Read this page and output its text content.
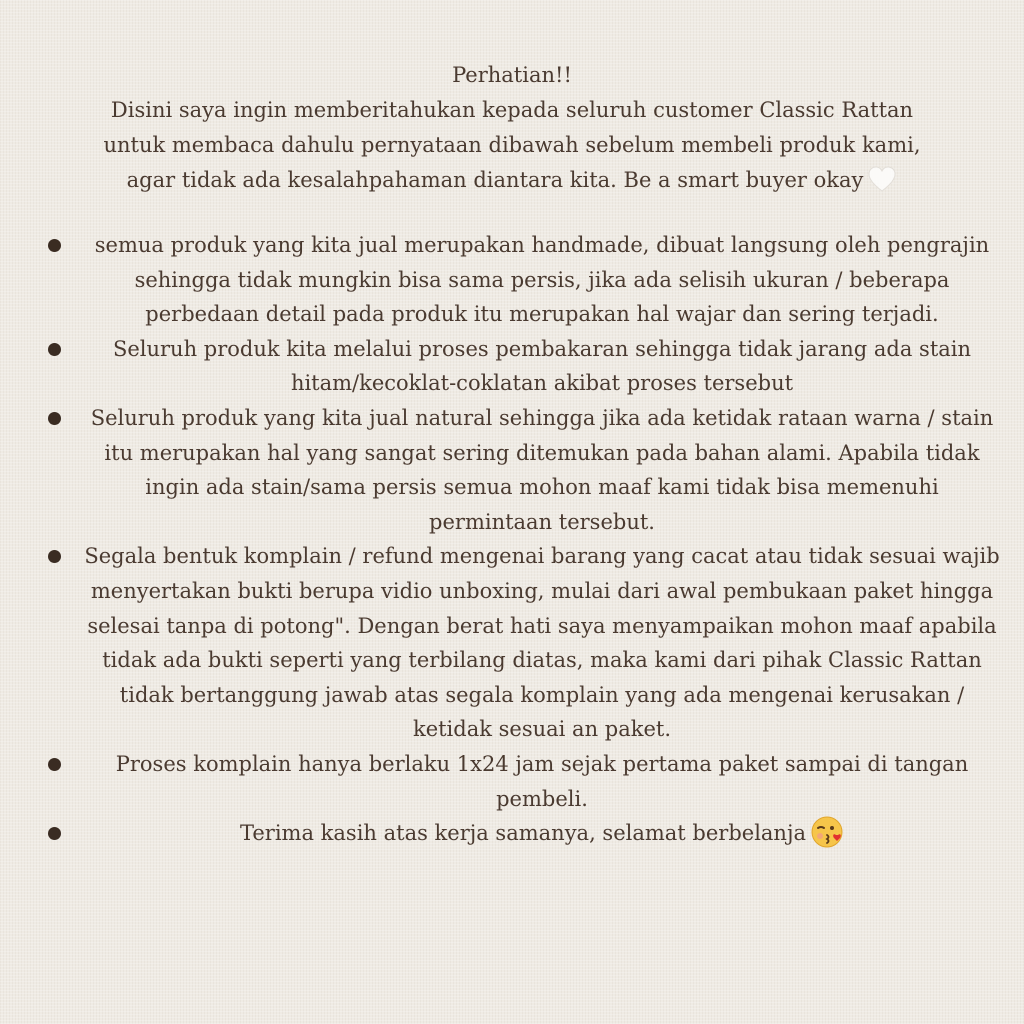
Perhatian!!

Disini saya ingin memberitahukan kepada seluruh customer Classic Rattan

untuk membaca dahulu pernyataan dibawah sebelum membeli produk kami,

agar tidak ada kesalahpahaman diantara kita. Be a smart buyer okay

semua produk yang kita jual merupakan handmade, dibuat langsung oleh pengrajin sehingga tidak mungkin bisa sama persis, jika ada selisih ukuran / beberapa perbedaan detail pada produk itu merupakan hal wajar dan sering terjadi.
Seluruh produk kita melalui proses pembakaran sehingga tidak jarang ada stain hitam/kecoklat-coklatan akibat proses tersebut
Seluruh produk yang kita jual natural sehingga jika ada ketidak rataan warna / stain itu merupakan hal yang sangat sering ditemukan pada bahan alami. Apabila tidak ingin ada stain/sama persis semua mohon maaf kami tidak bisa memenuhi permintaan tersebut.
Segala bentuk komplain / refund mengenai barang yang cacat atau tidak sesuai wajib menyertakan bukti berupa vidio unboxing, mulai dari awal pembukaan paket hingga selesai tanpa di potong". Dengan berat hati saya menyampaikan mohon maaf apabila tidak ada bukti seperti yang terbilang diatas, maka kami dari pihak Classic Rattan tidak bertanggung jawab atas segala komplain yang ada mengenai kerusakan / ketidak sesuai an paket.
Proses komplain hanya berlaku 1x24 jam sejak pertama paket sampai di tangan pembeli.
Terima kasih atas kerja samanya, selamat berbelanja
